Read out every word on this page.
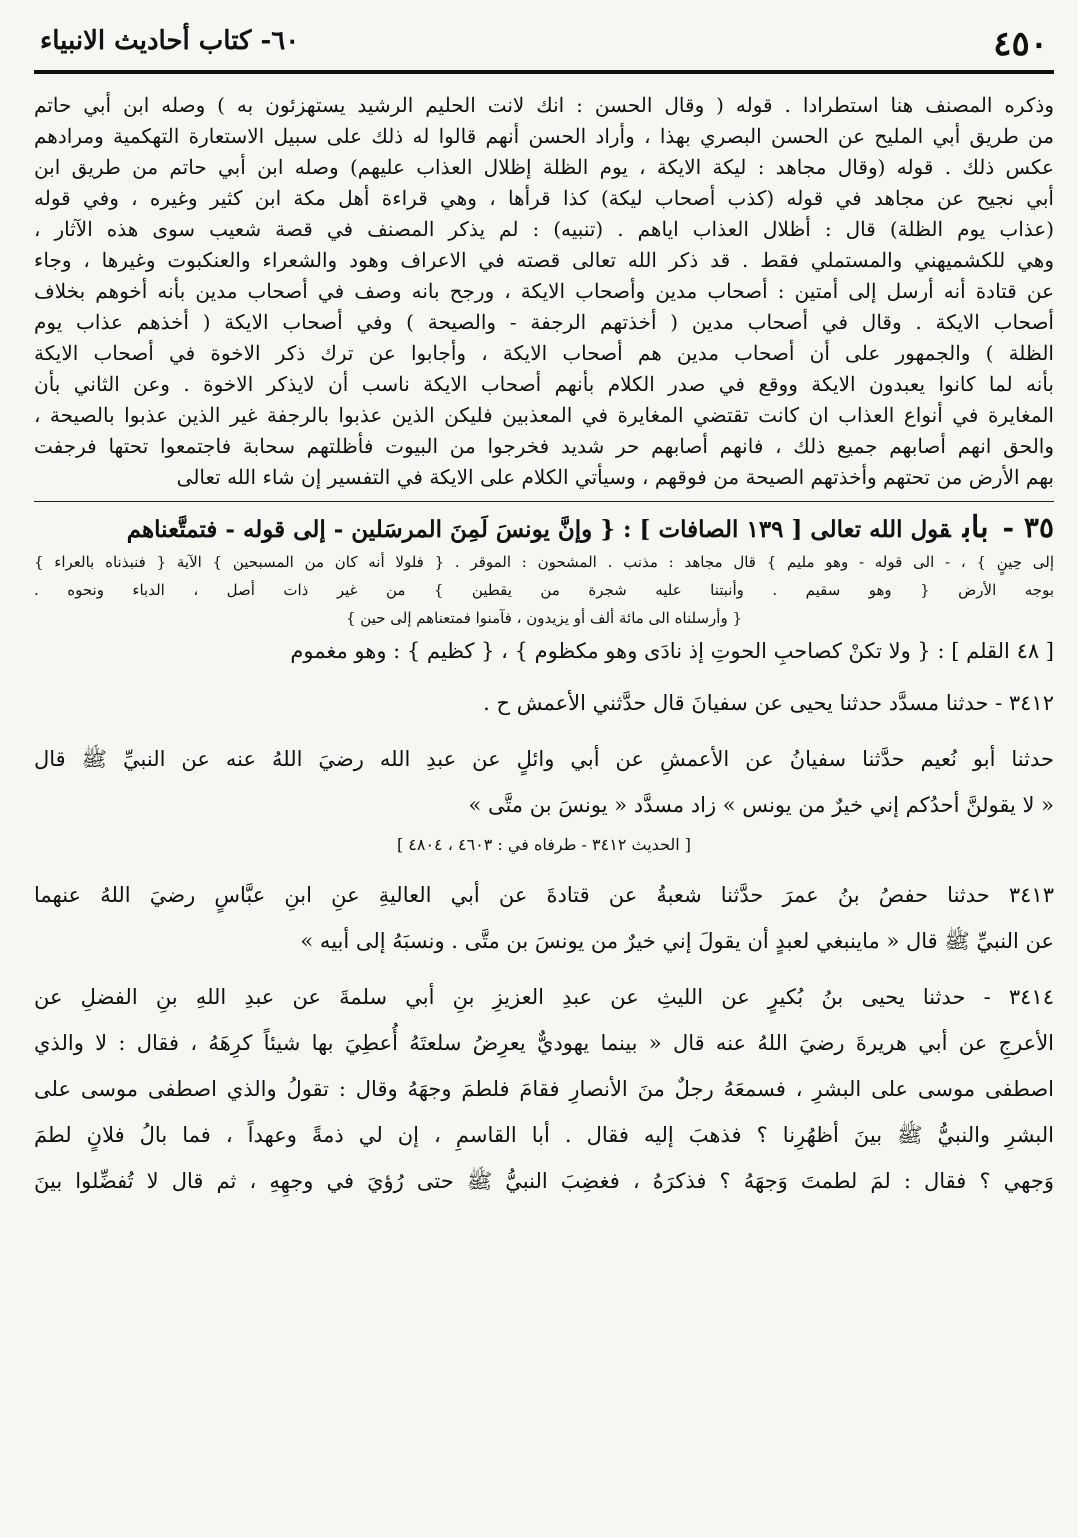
٤٥٠
٦٠- كتاب أحاديث الانبياء
وذكره المصنف هنا استطرادا . قوله ( وقال الحسن : انك لانت الحليم الرشيد يستهزئون به ) وصله ابن أبي حاتم
من طريق أبي المليح عن الحسن البصري بهذا ، وأراد الحسن أنهم قالوا له ذلك على سبيل الاستعارة التهكمية ومرادهم
عكس ذلك . قوله (وقال مجاهد : ليكة الايكة ، يوم الظلة إظلال العذاب عليهم) وصله ابن أبي حاتم من طريق ابن
أبي نجيح عن مجاهد في قوله (كذب أصحاب ليكة) كذا قرأها ، وهي قراءة أهل مكة ابن كثير وغيره ، وفي قوله
(عذاب يوم الظلة) قال : أظلال العذاب اياهم . (تنبيه) : لم يذكر المصنف في قصة شعيب سوى هذه الآثار ،
وهي للكشميهني والمستملي فقط . قد ذكر الله تعالى قصته في الاعراف وهود والشعراء والعنكبوت وغيرها ، وجاء
عن قتادة أنه أرسل إلى أمتين : أصحاب مدين وأصحاب الايكة ، ورجح بانه وصف في أصحاب مدين بأنه أخوهم بخلاف
أصحاب الايكة . وقال في أصحاب مدين ( أخذتهم الرجفة - والصيحة ) وفي أصحاب الايكة ( أخذهم عذاب يوم
الظلة ) والجمهور على أن أصحاب مدين هم أصحاب الايكة ، وأجابوا عن ترك ذكر الاخوة في أصحاب الايكة
بأنه لما كانوا يعبدون الايكة ووقع في صدر الكلام بأنهم أصحاب الايكة ناسب أن لايذكر الاخوة . وعن الثاني بأن
المغايرة في أنواع العذاب ان كانت تقتضي المغايرة في المعذبين فليكن الذين عذبوا بالرجفة غير الذين عذبوا بالصيحة ،
والحق انهم أصابهم جميع ذلك ، فانهم أصابهم حر شديد فخرجوا من البيوت فأظلتهم سحابة فاجتمعوا تحتها فرجفت
بهم الأرض من تحتهم وأخذتهم الصيحة من فوقهم ، وسيأتي الكلام على الايكة في التفسير إن شاء الله تعالى
٣٥ -بابقول الله تعالى [ ١٣٩ الصافات ] : { وإنَّ يونسَ لَمِنَ المرسَلين - إلى قوله - فتمتَّعناهم
إلى حِينٍ } ، - الى قوله - وهو مليم } قال مجاهد : مذنب . المشحون : الموقر . { فلولا أنه كان من المسبحين } الآية { فنبذناه بالعراء }
بوجه الأرض { وهو سقيم . وأنبتنا عليه شجرة من يقطين } من غير ذات أصل ، الدباء ونحوه .
{ وأرسلناه الى مائة ألف أو يزيدون ، فآمنوا فمتعناهم إلى حين }
[ ٤٨ القلم ] : { ولا تكنْ كصاحبِ الحوتِ إذ نادَى وهو مكظوم } ، { كظيم } : وهو مغموم
٣٤١٢ - حدثنا مسدَّد حدثنا يحيى عن سفيانَ قال حدَّثني الأعمش ح .
حدثنا أبو نُعيم حدَّثنا سفيانُ عن الأعمشِ عن أبي وائلٍ عن عبدِ الله رضيَ اللهُ عنه عن النبيِّ ﷺ قال
« لا يقولنَّ أحدُكم إني خيرٌ من يونس » زاد مسدَّد « يونسَ بن متَّى »
[ الحديث ٣٤١٢ - طرفاه في : ٤٦٠٣ ، ٤٨٠٤ ]
٣٤١٣ حدثنا حفصُ بنُ عمرَ حدَّثنا شعبةُ عن قتادةَ عن أبي العاليةِ عنِ ابنِ عبَّاسٍ رضيَ اللهُ عنهما
عن النبيِّ ﷺ قال « ماينبغي لعبدٍ أن يقولَ إني خيرٌ من يونسَ بن متَّى . ونسبَهُ إلى أبيه »
٣٤١٤ - حدثنا يحيى بنُ بُكيرٍ عن الليثِ عن عبدِ العزيزِ بنِ أبي سلمةَ عن عبدِ اللهِ بنِ الفضلِ عن
الأعرجِ عن أبي هريرةَ رضيَ اللهُ عنه قال « بينما يهوديٌّ يعرِضُ سلعتَهُ أُعطِيَ بها شيئاً كرِهَهُ ، فقال : لا والذي
اصطفى موسى على البشرِ ، فسمعَهُ رجلٌ منَ الأنصارِ فقامَ فلطمَ وجهَهُ وقال : تقولُ والذي اصطفى موسى على
البشرِ والنبيُّ ﷺ بينَ أظهُرِنا ؟ فذهبَ إليه فقال . أبا القاسمِ ، إن لي ذمةً وعهداً ، فما بالُ فلانٍ لطمَ
وَجهي ؟ فقال : لمَ لطمتَ وَجهَهُ ؟ فذكرَهُ ، فغضِبَ النبيُّ ﷺ حتى رُؤيَ في وجهِهِ ، ثم قال لا تُفضِّلوا بينَ
